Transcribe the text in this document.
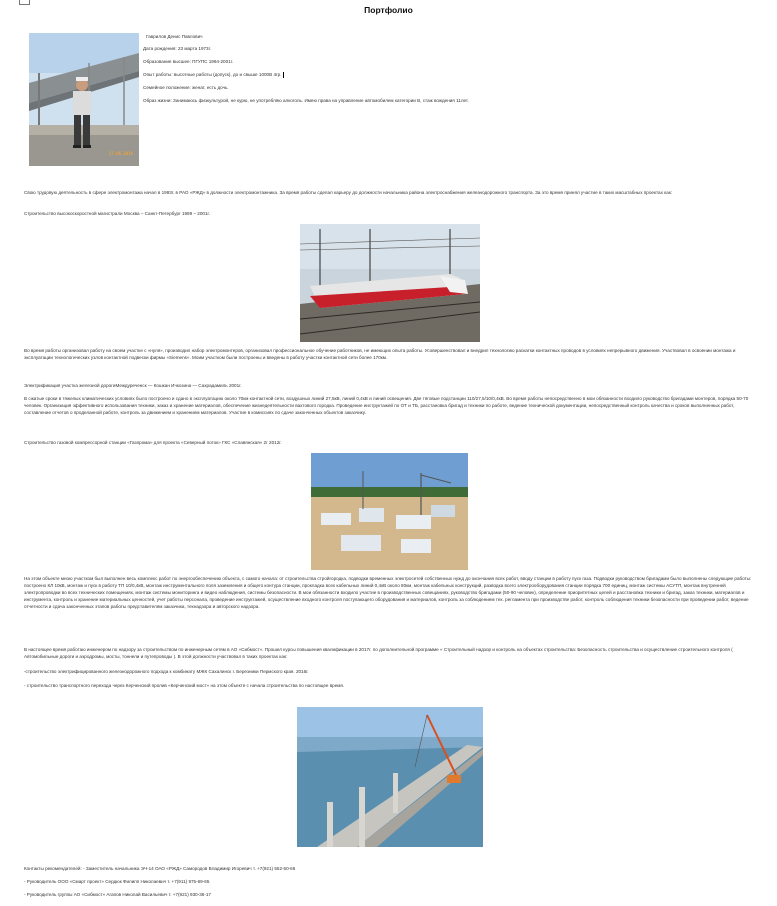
Портфолио
17.06.2016
Гаврилов Денис Павлович
Дата рождения: 23 марта 1973г.
Образование высшее: ПГУПС 1994-2001г.
Опыт работы: высотные работы (допуск), до и свыше 1000В 4гр.
Семейное положение: женат, есть дочь.
Образ жизни: Занимаюсь физкультурой, не курю, не употребляю алкоголь. Имею права на управление автомобилем категории В, стаж вождения 11лет.

Свою трудовую деятельность в сфере электромонтажа начал в 1993г. в РАО «РЖД» в должности электромонтажника. За время работы сделал карьеру до должности начальника района электроснабжения железнодорожного транспорта. За это время принял участие в таких масштабных проектах как:

Строительство высокоскоростной магистрали Москва – Санкт-Петербург 1999 – 2001г.

Во время работы организовал работу на своем участке с «нуля», производил набор электромонтеров, организовал профессиональное обучение работников, не имеющих опыта работы. Усовершенствовал и внедрил технологию раскатки контактных проводов в условиях непрерывного движения. Участвовал в освоении монтажа и эксплуатации технологических узлов контактной подвески фирмы «Siemens». Моим участком были построены и введены в работу участки контактной сети более 170км.

Электрификация участка железной дорогиМеждуреченск — Кошкан Ичкозина — Сахрадамиль 2001г.

В сжатые сроки в тяжелых климатических условиях было построено и сдано в эксплуатацию около 70км контактной сети, воздушных линий 27,5кВ, линий 0,4кВ и линий освещения. Две тяговые подстанции 110/27,5/10/0,4кВ. Во время работы непосредственно в мои обязанности входило руководство бригадами монтеров, порядка 50-70 человек. Организация эффективного использования техники, заказ и хранение материалов, обеспечение жизнедеятельности вахтового городка. Проведение инструктажей по ОТ и ТБ, расстановка бригад и техники по работе, ведение технической документации, непосредственный контроль качества и сроков выполненных работ, составление отчетов о проделанной работе, контроль за движением и хранением материалов. Участие в комиссиях по сдаче законченных объектов заказчику.

Строительство газовой компрессорной станции «Газпрома» для проекта «Северный поток» ГКС «Славянская» 2г 2012г.

На этом объекте мною участком был выполнен весь комплекс работ по энергообеспечению объекта, с самого начала: от строительства стройгородка, подводки временных электросетей собственных нужд до окончания всех работ, вводу станции в работу пуск газа. Подводки руководством бригадами было выполнены следующие работы: построено КЛ 10кВ, монтаж и пуск в работу ТП 10/0,4кВ, монтаж инструментального поля заземления и общего контура станции, прокладка всех кабельных линий 0,4кВ около 80км, монтаж кабельных конструкций, разводка всего электрооборудования станции порядка 700 единиц, монтаж системы АСУТП, монтаж внутренней электропроводки во всех технических помещениях, монтаж системы мониторинга и видео наблюдения, системы безопасности. В мои обязанности входило участие в производственных совещаниях, руководство бригадами (50-90 человек), определение приоритетных целей и расстановка техники и бригад, заказ техники, материалов и инструмента, контроль и хранение материальных ценностей, учет работы персонала, проведение инструктажей, осуществление входного контроля поступающего оборудования и материалов, контроль за соблюдением тех. регламента при производстве работ, контроль соблюдения техники безопасности при проведении работ, ведение отчетности и сдача законченных этапов работы представителям заказчика, технадзора и авторского надзора.

В настоящее время работаю инженером по надзору за строительством по инженерным сетям в АО «Сибмост». Прошел курсы повышения квалификации в 2017г. по дополнительной программе « Строительный надзор и контроль на объектах строительства: Безопасность строительства и осуществление строительного контроля ( Автомобильные дороги и аэродромы, мосты, тоннели и путепроводы ). В этой должности участвовал в таких проектах как:

-строительство электрифицированного железнодорожного подхода к комбинату МЖК Сахалинск г. Березники Пермского края. 2016г.

- строительство транспортного перехода через Керченский пролив «Керченский мост» на этом объекте с начала строительства по настоящее время.

Контакты рекомендателей: - Заместитель начальника ЭЧ-14 ОАО «РЖД» Самородов Владимир Игоревич т. +7(921) 552-50-66

- Руководитель ООО «Смарт проект» Сердюк Филипп Николаевич т. +7(911) 975-69-65

- Руководитель группы АО «Сибмост» Агапов Николай Васильевич т. +7(921) 930-36-17
